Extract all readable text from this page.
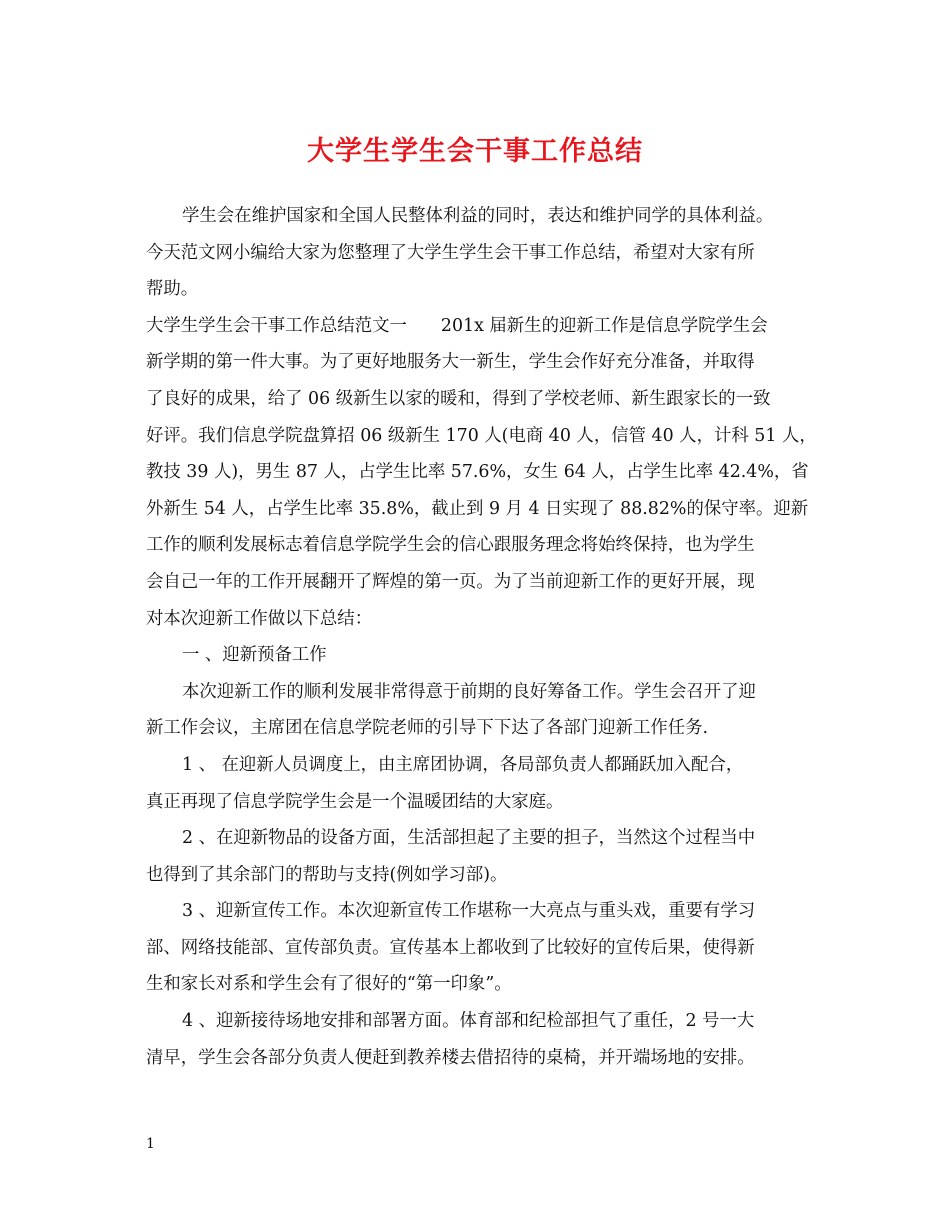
大学生学生会干事工作总结
学生会在维护国家和全国人民整体利益的同时，表达和维护同学的具体利益。
今天范文网小编给大家为您整理了大学生学生会干事工作总结，希望对大家有所
帮助。
大学生学生会干事工作总结范文一 201x 届新生的迎新工作是信息学院学生会
新学期的第一件大事。为了更好地服务大一新生，学生会作好充分准备，并取得
了良好的成果，给了 06 级新生以家的暖和，得到了学校老师、新生跟家长的一致
好评。我们信息学院盘算招 06 级新生 170 人(电商 40 人，信管 40 人，计科 51 人，
教技 39 人)，男生 87 人，占学生比率 57.6%，女生 64 人，占学生比率 42.4%，省
外新生 54 人，占学生比率 35.8%，截止到 9 月 4 日实现了 88.82%的保守率。迎新
工作的顺利发展标志着信息学院学生会的信心跟服务理念将始终保持，也为学生
会自己一年的工作开展翻开了辉煌的第一页。为了当前迎新工作的更好开展，现
对本次迎新工作做以下总结：
一 、迎新预备工作
本次迎新工作的顺利发展非常得意于前期的良好筹备工作。学生会召开了迎
新工作会议，主席团在信息学院老师的引导下下达了各部门迎新工作任务.
1 、 在迎新人员调度上，由主席团协调，各局部负责人都踊跃加入配合，
真正再现了信息学院学生会是一个温暖团结的大家庭。
2 、在迎新物品的设备方面，生活部担起了主要的担子，当然这个过程当中
也得到了其余部门的帮助与支持(例如学习部)。
3 、迎新宣传工作。本次迎新宣传工作堪称一大亮点与重头戏，重要有学习
部、网络技能部、宣传部负责。宣传基本上都收到了比较好的宣传后果，使得新
生和家长对系和学生会有了很好的“第一印象”。
4 、迎新接待场地安排和部署方面。体育部和纪检部担气了重任，2 号一大
清早，学生会各部分负责人便赶到教养楼去借招待的桌椅，并开端场地的安排。
1
